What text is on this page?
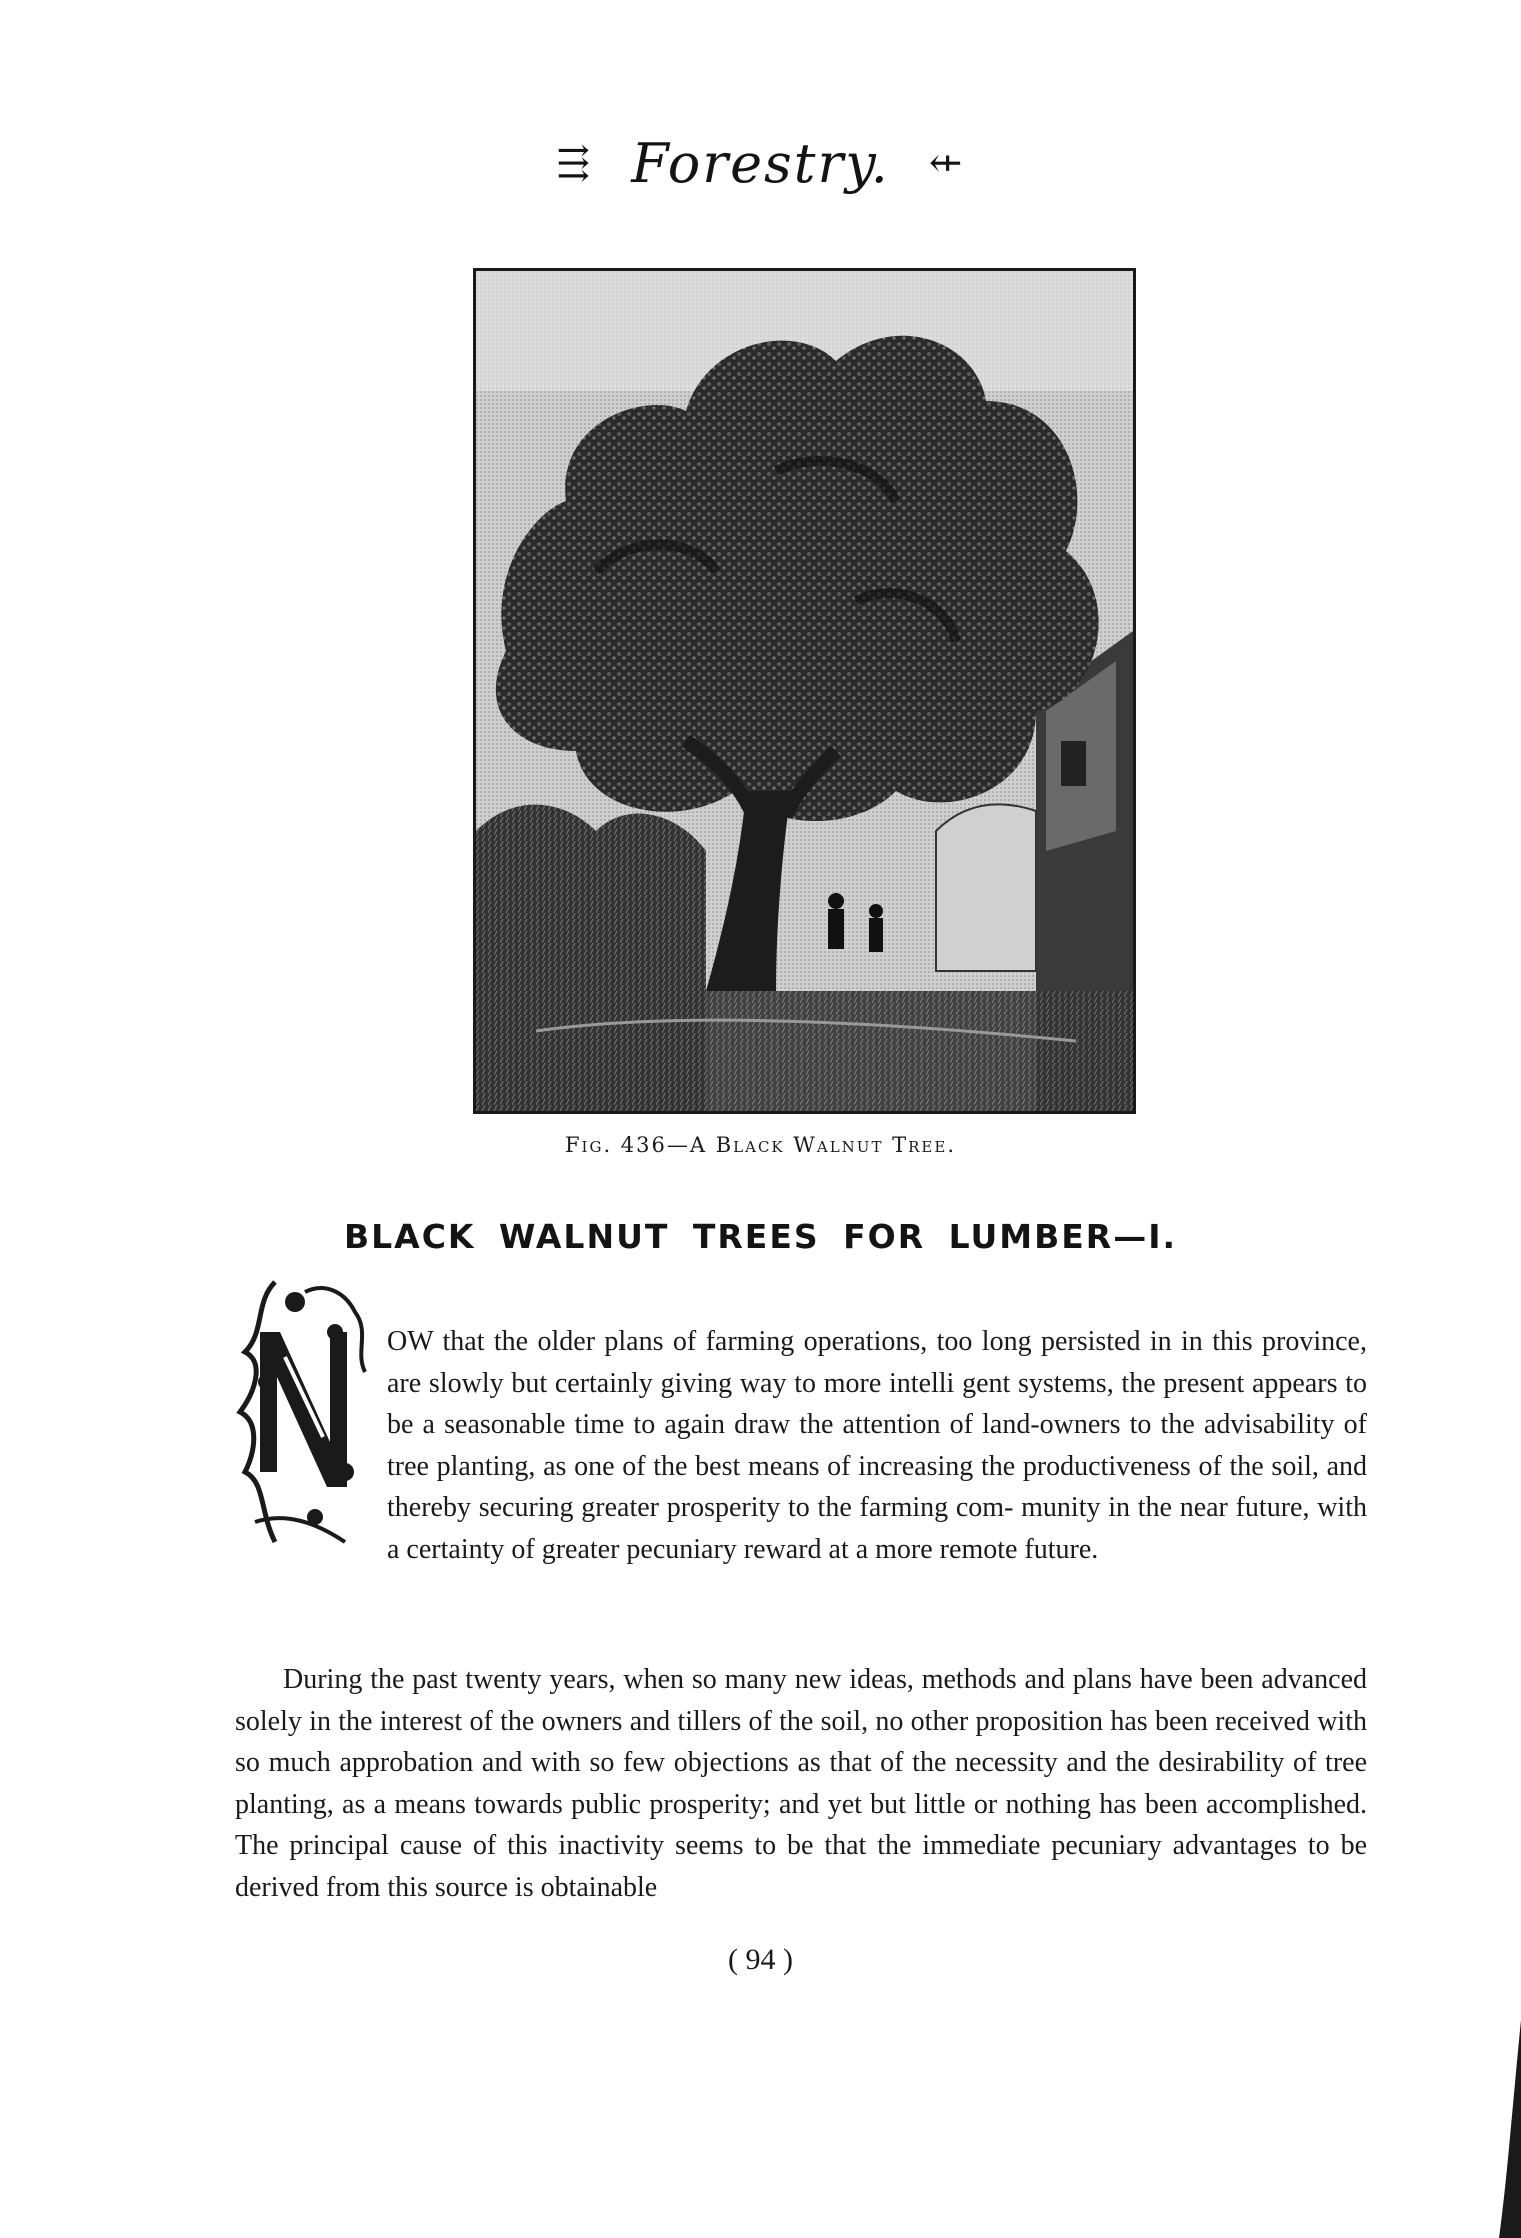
⇶ Forestry. ⇷
Fig. 436—A Black Walnut Tree.
BLACK WALNUT TREES FOR LUMBER—I.
OW that the older plans of farming operations, too long persisted in in this province, are slowly but certainly giving way to more intelli gent systems, the present appears to be a seasonable time to again draw the attention of land-owners to the advisability of tree planting, as one of the best means of increasing the productiveness of the soil, and thereby securing greater prosperity to the farming com- munity in the near future, with a certainty of greater pecuniary reward at a more remote future.
During the past twenty years, when so many new ideas, methods and plans have been advanced solely in the interest of the owners and tillers of the soil, no other proposition has been received with so much approbation and with so few objections as that of the necessity and the desirability of tree planting, as a means towards public prosperity; and yet but little or nothing has been accomplished. The principal cause of this inactivity seems to be that the immediate pecuniary advantages to be derived from this source is obtainable
( 94 )
